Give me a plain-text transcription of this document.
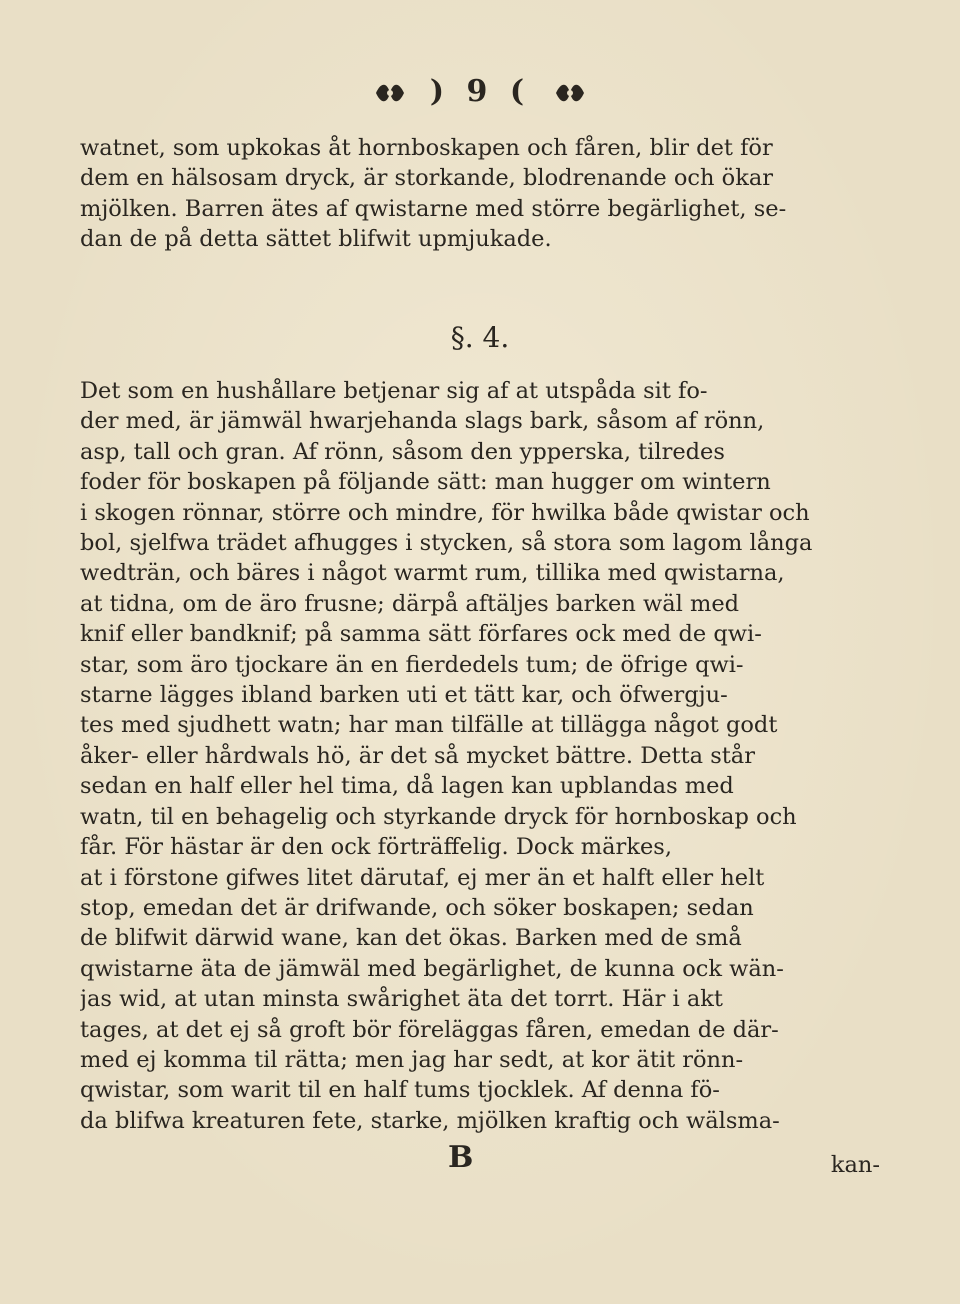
) 9 (
watnet, som upkokas åt hornboskapen och fåren, blir det för
dem en hälsosam dryck, är storkande, blodrenande och ökar
mjölken. Barren ätes af qwistarne med större begärlighet, se-
dan de på detta sättet blifwit upmjukade.
§. 4.
Det som en hushållare betjenar sig af at utspåda sit fo-
der med, är jämwäl hwarjehanda slags bark, såsom af rönn,
asp, tall och gran. Af rönn, såsom den ypperska, tilredes
foder för boskapen på följande sätt: man hugger om wintern
i skogen rönnar, större och mindre, för hwilka både qwistar och
bol, sjelfwa trädet afhugges i stycken, så stora som lagom långa
wedträn, och bäres i något warmt rum, tillika med qwistarna,
at tidna, om de äro frusne; därpå aftäljes barken wäl med
knif eller bandknif; på samma sätt förfares ock med de qwi-
star, som äro tjockare än en fierdedels tum; de öfrige qwi-
starne lägges ibland barken uti et tätt kar, och öfwergju-
tes med sjudhett watn; har man tilfälle at tillägga något godt
åker- eller hårdwals hö, är det så mycket bättre. Detta står
sedan en half eller hel tima, då lagen kan upblandas med
watn, til en behagelig och styrkande dryck för hornboskap och
får. För hästar är den ock förträffelig. Dock märkes,
at i förstone gifwes litet därutaf, ej mer än et halft eller helt
stop, emedan det är drifwande, och söker boskapen; sedan
de blifwit därwid wane, kan det ökas. Barken med de små
qwistarne äta de jämwäl med begärlighet, de kunna ock wän-
jas wid, at utan minsta swårighet äta det torrt. Här i akt
tages, at det ej så groft bör föreläggas fåren, emedan de där-
med ej komma til rätta; men jag har sedt, at kor ätit rönn-
qwistar, som warit til en half tums tjocklek. Af denna fö-
da blifwa kreaturen fete, starke, mjölken kraftig och wälsma-
B	kan-
